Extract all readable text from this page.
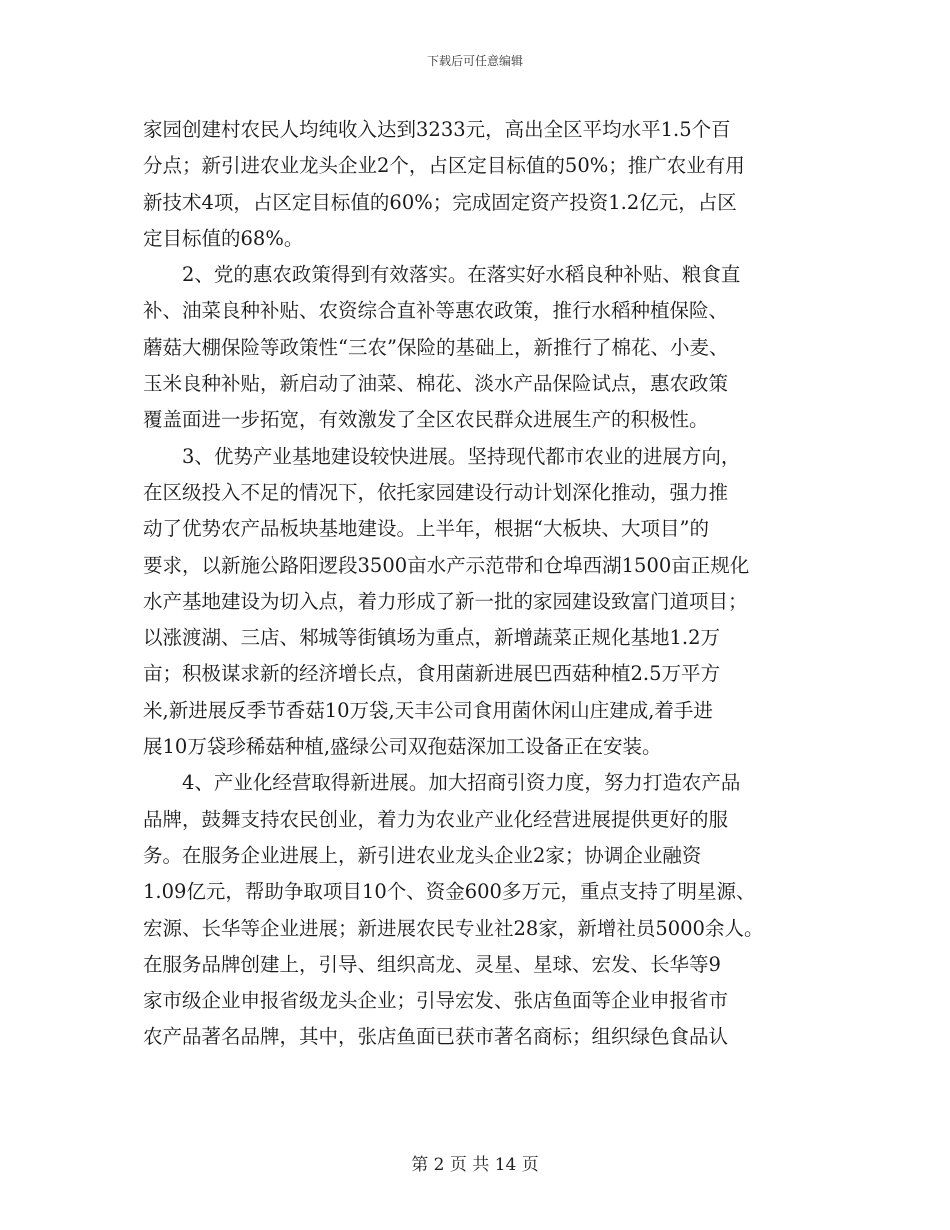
下载后可任意编辑
家园创建村农民人均纯收入达到3233元，高出全区平均水平1.5个百
分点；新引进农业龙头企业2个，占区定目标值的50%；推广农业有用
新技术4项，占区定目标值的60%；完成固定资产投资1.2亿元，占区
定目标值的68%。
2、党的惠农政策得到有效落实。在落实好水稻良种补贴、粮食直
补、油菜良种补贴、农资综合直补等惠农政策，推行水稻种植保险、
蘑菇大棚保险等政策性“三农”保险的基础上，新推行了棉花、小麦、
玉米良种补贴，新启动了油菜、棉花、淡水产品保险试点，惠农政策
覆盖面进一步拓宽，有效激发了全区农民群众进展生产的积极性。
3、优势产业基地建设较快进展。坚持现代都市农业的进展方向，
在区级投入不足的情况下，依托家园建设行动计划深化推动，强力推
动了优势农产品板块基地建设。上半年，根据“大板块、大项目”的
要求，以新施公路阳逻段3500亩水产示范带和仓埠西湖1500亩正规化
水产基地建设为切入点，着力形成了新一批的家园建设致富门道项目；
以涨渡湖、三店、邾城等街镇场为重点，新增蔬菜正规化基地1.2万
亩；积极谋求新的经济增长点，食用菌新进展巴西菇种植2.5万平方
米,新进展反季节香菇10万袋,天丰公司食用菌休闲山庄建成,着手进
展10万袋珍稀菇种植,盛绿公司双孢菇深加工设备正在安装。
4、产业化经营取得新进展。加大招商引资力度，努力打造农产品
品牌，鼓舞支持农民创业，着力为农业产业化经营进展提供更好的服
务。在服务企业进展上，新引进农业龙头企业2家；协调企业融资
1.09亿元，帮助争取项目10个、资金600多万元，重点支持了明星源、
宏源、长华等企业进展；新进展农民专业社28家，新增社员5000余人。
在服务品牌创建上，引导、组织高龙、灵星、星球、宏发、长华等9
家市级企业申报省级龙头企业；引导宏发、张店鱼面等企业申报省市
农产品著名品牌，其中，张店鱼面已获市著名商标；组织绿色食品认
第 2 页 共 14 页
